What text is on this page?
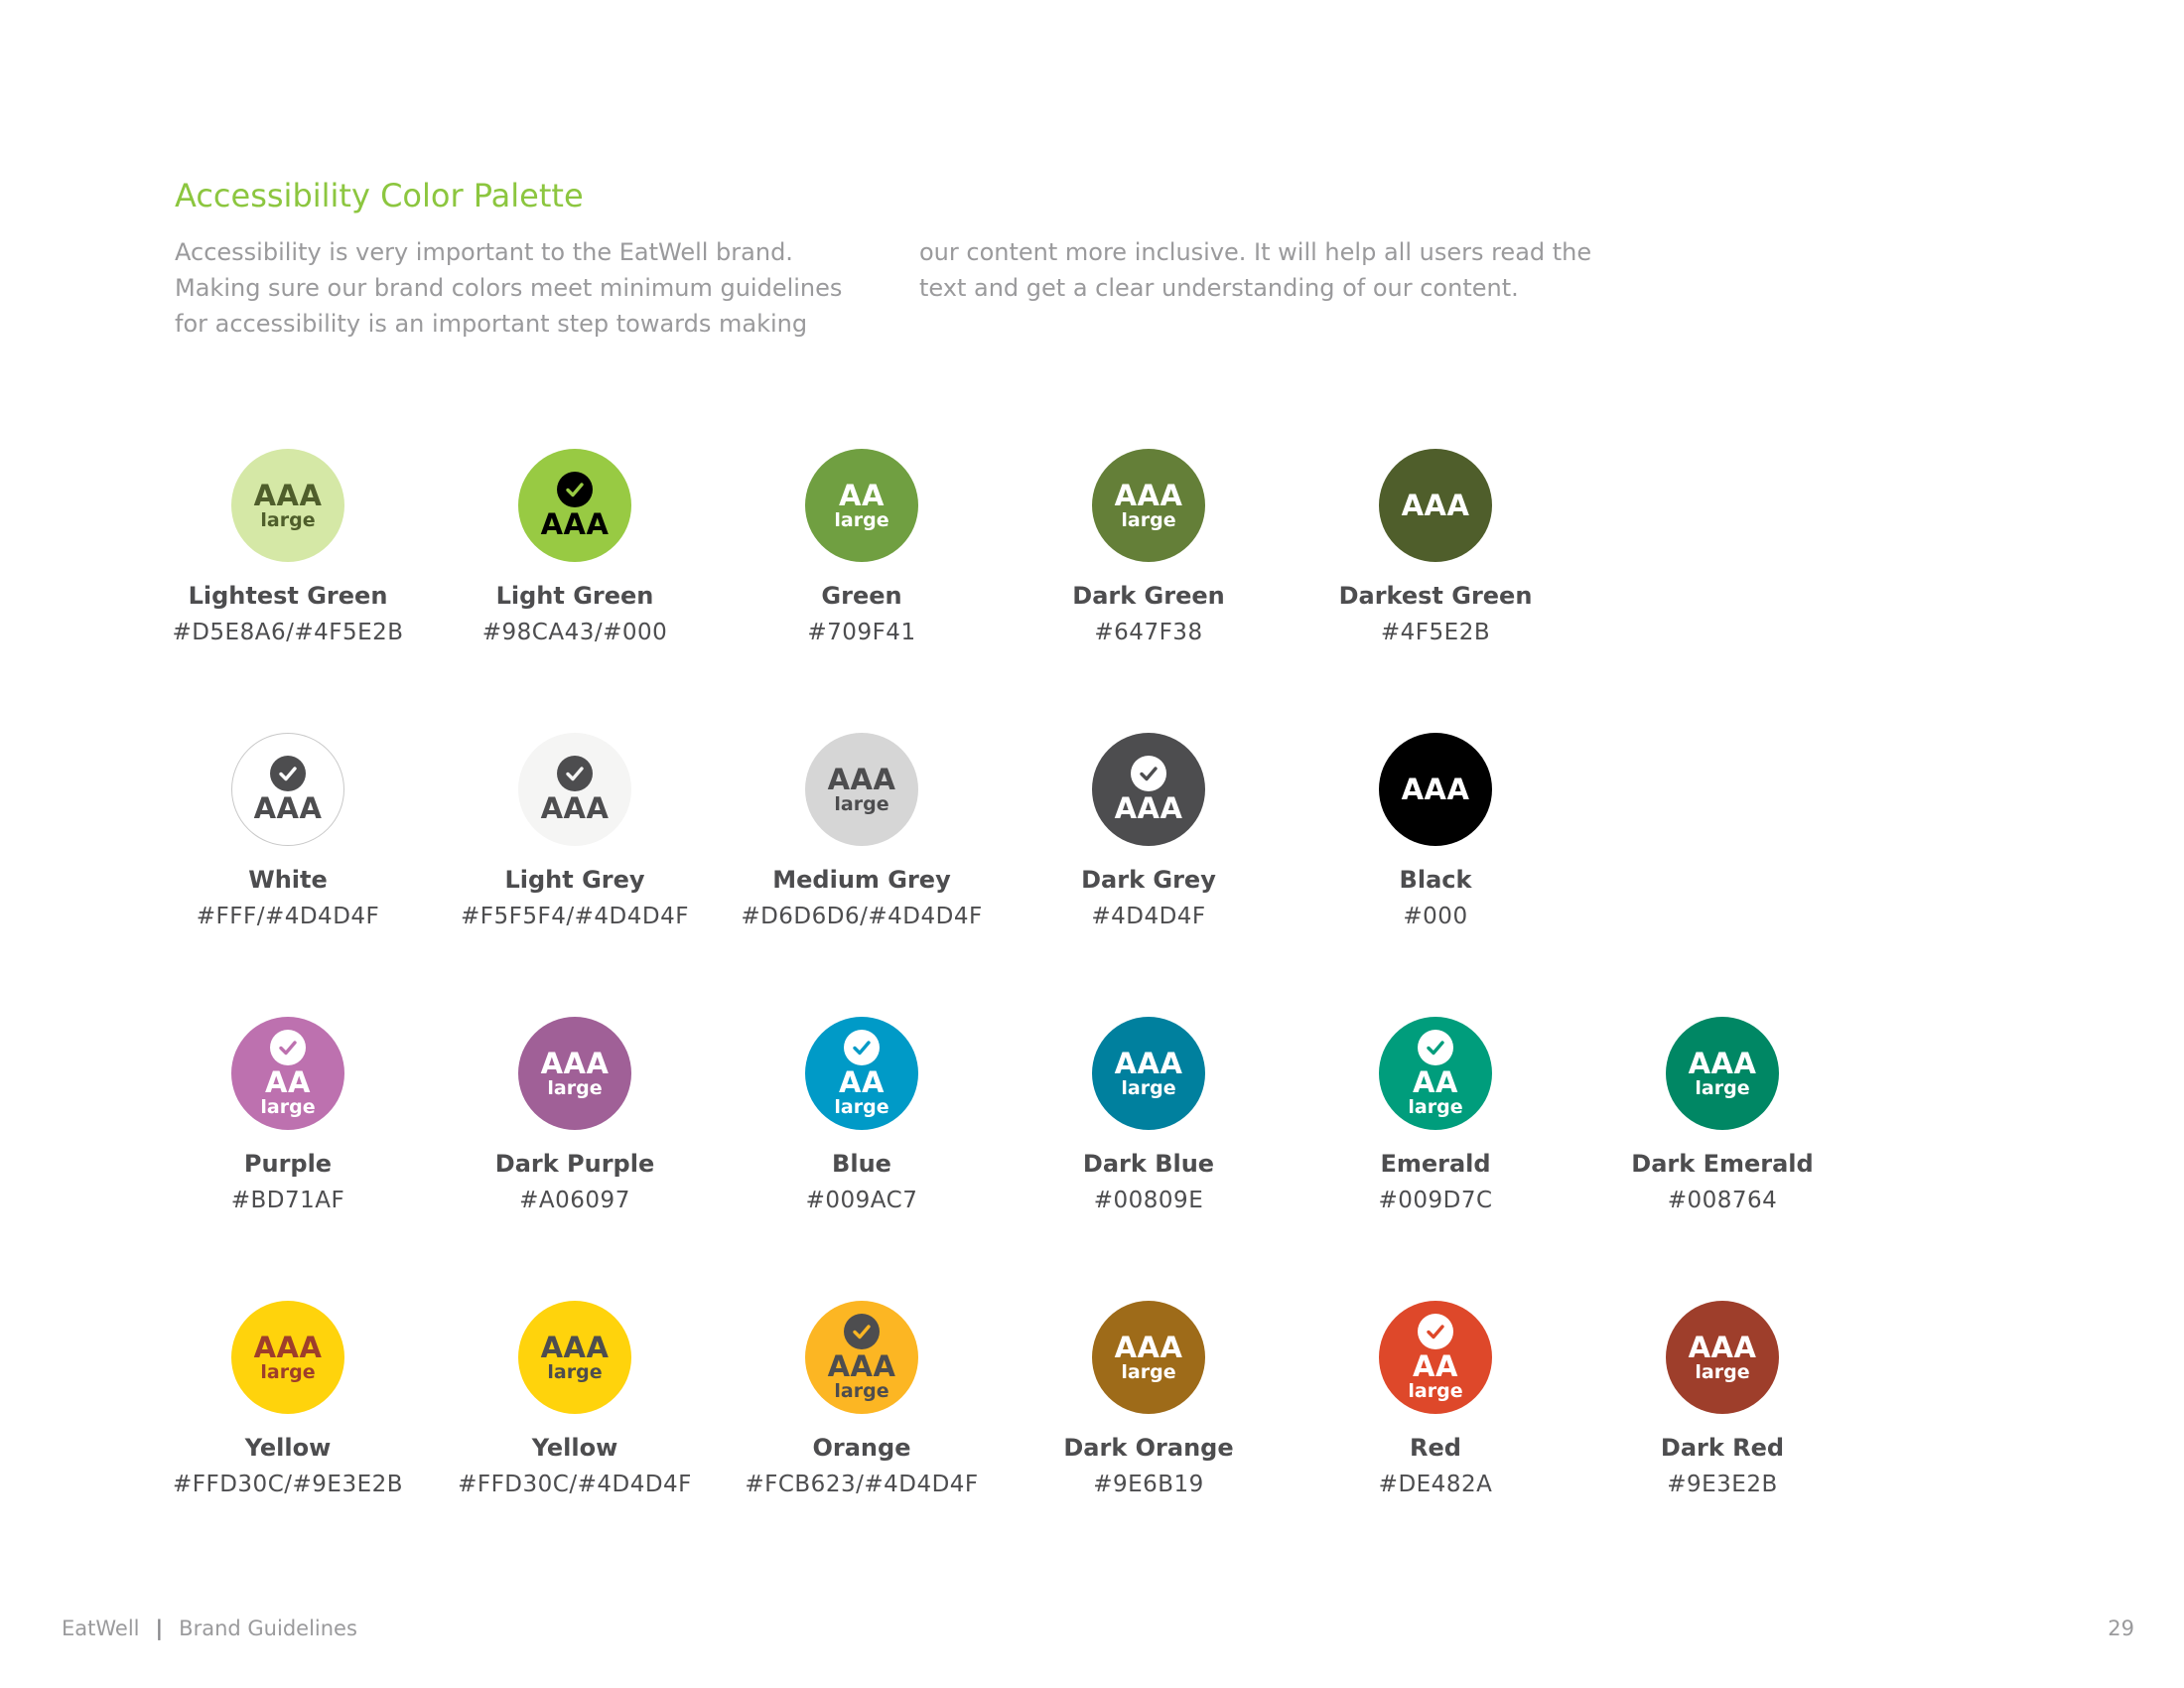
Accessibility Color Palette
Accessibility is very important to the EatWell brand.
Making sure our brand colors meet minimum guidelines
for accessibility is an important step towards making
our content more inclusive. It will help all users read the
text and get a clear understanding of our content.
AAA
large
Lightest Green
#D5E8A6/#4F5E2B
AAA
Light Green
#98CA43/#000
AA
large
Green
#709F41
AAA
large
Dark Green
#647F38
AAA
Darkest Green
#4F5E2B
AAA
White
#FFF/#4D4D4F
AAA
Light Grey
#F5F5F4/#4D4D4F
AAA
large
Medium Grey
#D6D6D6/#4D4D4F
AAA
Dark Grey
#4D4D4F
AAA
Black
#000
AA
large
Purple
#BD71AF
AAA
large
Dark Purple
#A06097
AA
large
Blue
#009AC7
AAA
large
Dark Blue
#00809E
AA
large
Emerald
#009D7C
AAA
large
Dark Emerald
#008764
AAA
large
Yellow
#FFD30C/#9E3E2B
AAA
large
Yellow
#FFD30C/#4D4D4F
AAA
large
Orange
#FCB623/#4D4D4F
AAA
large
Dark Orange
#9E6B19
AA
large
Red
#DE482A
AAA
large
Dark Red
#9E3E2B
EatWell | Brand Guidelines	29
